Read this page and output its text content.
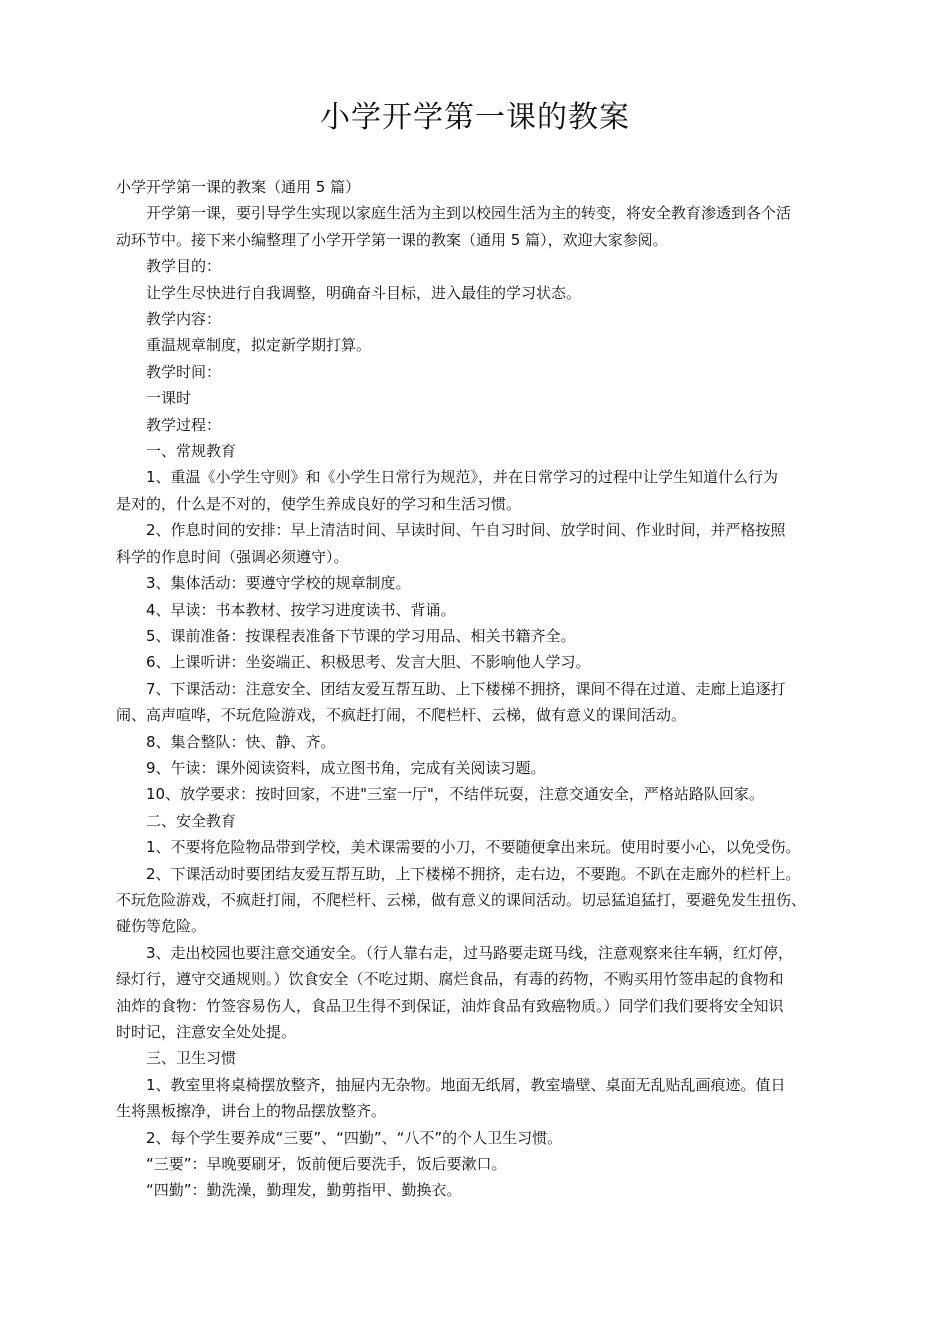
小学开学第一课的教案

小学开学第一课的教案（通用 5 篇）

开学第一课，要引导学生实现以家庭生活为主到以校园生活为主的转变，将安全教育渗透到各个活

动环节中。接下来小编整理了小学开学第一课的教案（通用 5 篇），欢迎大家参阅。

教学目的：

让学生尽快进行自我调整，明确奋斗目标，进入最佳的学习状态。

教学内容：

重温规章制度，拟定新学期打算。

教学时间：

一课时

教学过程：

一、常规教育

1、重温《小学生守则》和《小学生日常行为规范》，并在日常学习的过程中让学生知道什么行为

是对的，什么是不对的，使学生养成良好的学习和生活习惯。

2、作息时间的安排：早上清洁时间、早读时间、午自习时间、放学时间、作业时间，并严格按照

科学的作息时间（强调必须遵守）。

3、集体活动：要遵守学校的规章制度。

4、早读：书本教材、按学习进度读书、背诵。

5、课前准备：按课程表准备下节课的学习用品、相关书籍齐全。

6、上课听讲：坐姿端正、积极思考、发言大胆、不影响他人学习。

7、下课活动：注意安全、团结友爱互帮互助、上下楼梯不拥挤，课间不得在过道、走廊上追逐打

闹、高声喧哗，不玩危险游戏，不疯赶打闹，不爬栏杆、云梯，做有意义的课间活动。

8、集合整队：快、静、齐。

9、午读：课外阅读资料，成立图书角，完成有关阅读习题。

10、放学要求：按时回家，不进"三室一厅"，不结伴玩耍，注意交通安全，严格站路队回家。

二、安全教育

1、不要将危险物品带到学校，美术课需要的小刀，不要随便拿出来玩。使用时要小心，以免受伤。

2、下课活动时要团结友爱互帮互助，上下楼梯不拥挤，走右边，不要跑。不趴在走廊外的栏杆上。

不玩危险游戏，不疯赶打闹，不爬栏杆、云梯，做有意义的课间活动。切忌猛追猛打，要避免发生扭伤、

碰伤等危险。

3、走出校园也要注意交通安全。（行人靠右走，过马路要走斑马线，注意观察来往车辆，红灯停，

绿灯行，遵守交通规则。）饮食安全（不吃过期、腐烂食品，有毒的药物，不购买用竹签串起的食物和

油炸的食物：竹签容易伤人，食品卫生得不到保证，油炸食品有致癌物质。）同学们我们要将安全知识

时时记，注意安全处处提。

三、卫生习惯

1、教室里将桌椅摆放整齐，抽屉内无杂物。地面无纸屑，教室墙壁、桌面无乱贴乱画痕迹。值日

生将黑板擦净，讲台上的物品摆放整齐。

2、每个学生要养成“三要”、“四勤”、“八不”的个人卫生习惯。

“三要”：早晚要刷牙，饭前便后要洗手，饭后要漱口。

“四勤”：勤洗澡，勤理发，勤剪指甲、勤换衣。
